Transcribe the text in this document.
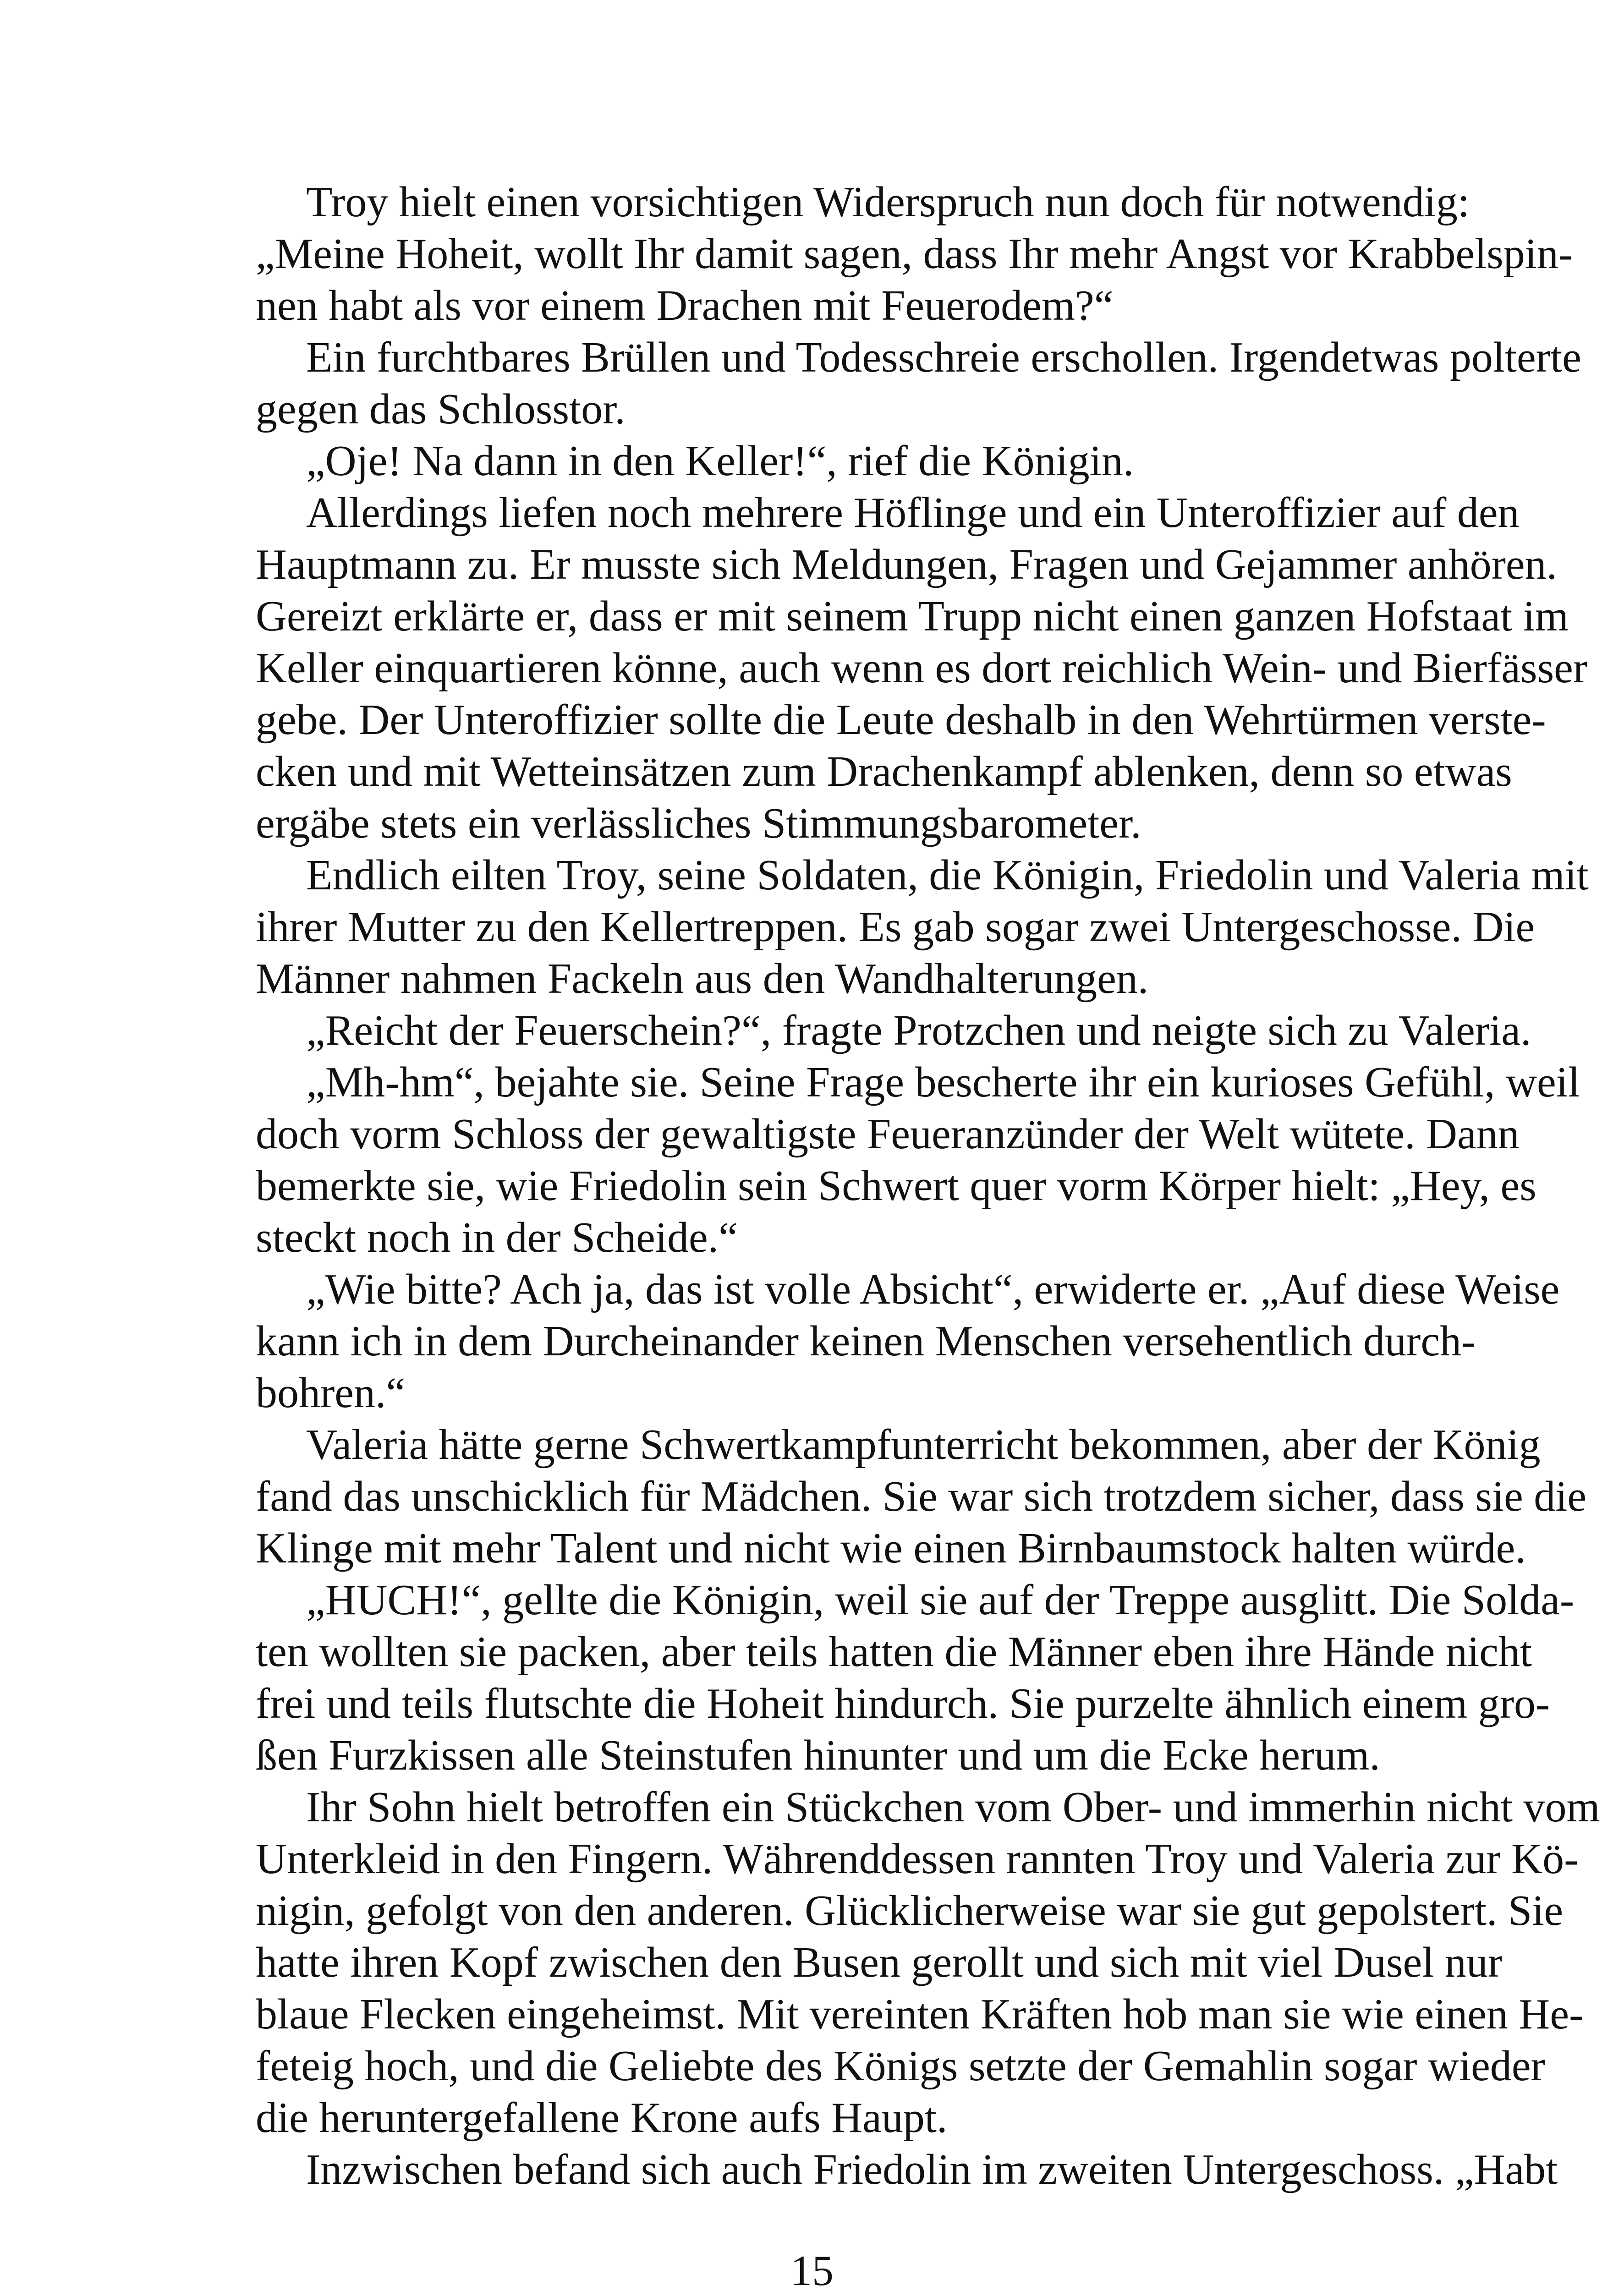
Troy hielt einen vorsichtigen Widerspruch nun doch für notwendig:
„Meine Hoheit, wollt Ihr damit sagen, dass Ihr mehr Angst vor Krabbelspin-
nen habt als vor einem Drachen mit Feuerodem?“
Ein furchtbares Brüllen und Todesschreie erschollen. Irgendetwas polterte
gegen das Schlosstor.
„Oje! Na dann in den Keller!“, rief die Königin.
Allerdings liefen noch mehrere Höflinge und ein Unteroffizier auf den
Hauptmann zu. Er musste sich Meldungen, Fragen und Gejammer anhören.
Gereizt erklärte er, dass er mit seinem Trupp nicht einen ganzen Hofstaat im
Keller einquartieren könne, auch wenn es dort reichlich Wein- und Bierfässer
gebe. Der Unteroffizier sollte die Leute deshalb in den Wehrtürmen verste-
cken und mit Wetteinsätzen zum Drachenkampf ablenken, denn so etwas
ergäbe stets ein verlässliches Stimmungsbarometer.
Endlich eilten Troy, seine Soldaten, die Königin, Friedolin und Valeria mit
ihrer Mutter zu den Kellertreppen. Es gab sogar zwei Untergeschosse. Die
Männer nahmen Fackeln aus den Wandhalterungen.
„Reicht der Feuerschein?“, fragte Protzchen und neigte sich zu Valeria.
„Mh-hm“, bejahte sie. Seine Frage bescherte ihr ein kurioses Gefühl, weil
doch vorm Schloss der gewaltigste Feueranzünder der Welt wütete. Dann
bemerkte sie, wie Friedolin sein Schwert quer vorm Körper hielt: „Hey, es
steckt noch in der Scheide.“
„Wie bitte? Ach ja, das ist volle Absicht“, erwiderte er. „Auf diese Weise
kann ich in dem Durcheinander keinen Menschen versehentlich durch-
bohren.“
Valeria hätte gerne Schwertkampfunterricht bekommen, aber der König
fand das unschicklich für Mädchen. Sie war sich trotzdem sicher, dass sie die
Klinge mit mehr Talent und nicht wie einen Birnbaumstock halten würde.
„HUCH!“, gellte die Königin, weil sie auf der Treppe ausglitt. Die Solda-
ten wollten sie packen, aber teils hatten die Männer eben ihre Hände nicht
frei und teils flutschte die Hoheit hindurch. Sie purzelte ähnlich einem gro-
ßen Furzkissen alle Steinstufen hinunter und um die Ecke herum.
Ihr Sohn hielt betroffen ein Stückchen vom Ober- und immerhin nicht vom
Unterkleid in den Fingern. Währenddessen rannten Troy und Valeria zur Kö-
nigin, gefolgt von den anderen. Glücklicherweise war sie gut gepolstert. Sie
hatte ihren Kopf zwischen den Busen gerollt und sich mit viel Dusel nur
blaue Flecken eingeheimst. Mit vereinten Kräften hob man sie wie einen He-
feteig hoch, und die Geliebte des Königs setzte der Gemahlin sogar wieder
die heruntergefallene Krone aufs Haupt.
Inzwischen befand sich auch Friedolin im zweiten Untergeschoss. „Habt
15
